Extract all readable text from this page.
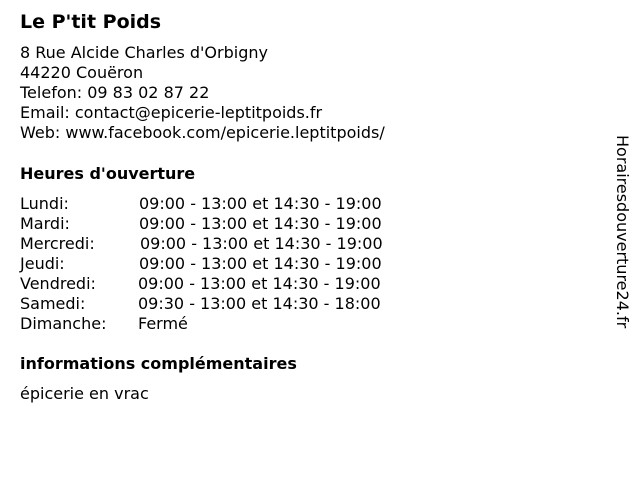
Le P'tit Poids
8 Rue Alcide Charles d'Orbigny
44220 Couëron
Telefon: 09 83 02 87 22
Email: contact@epicerie-leptitpoids.fr
Web: www.facebook.com/epicerie.leptitpoids/
Heures d'ouverture
Lundi:	09:00 - 13:00 et 14:30 - 19:00
Mardi:	09:00 - 13:00 et 14:30 - 19:00
Mercredi:	09:00 - 13:00 et 14:30 - 19:00
Jeudi:	09:00 - 13:00 et 14:30 - 19:00
Vendredi:	09:00 - 13:00 et 14:30 - 19:00
Samedi:	09:30 - 13:00 et 14:30 - 18:00
Dimanche: Fermé
informations complémentaires
épicerie en vrac
Horairesdouverture24.fr
